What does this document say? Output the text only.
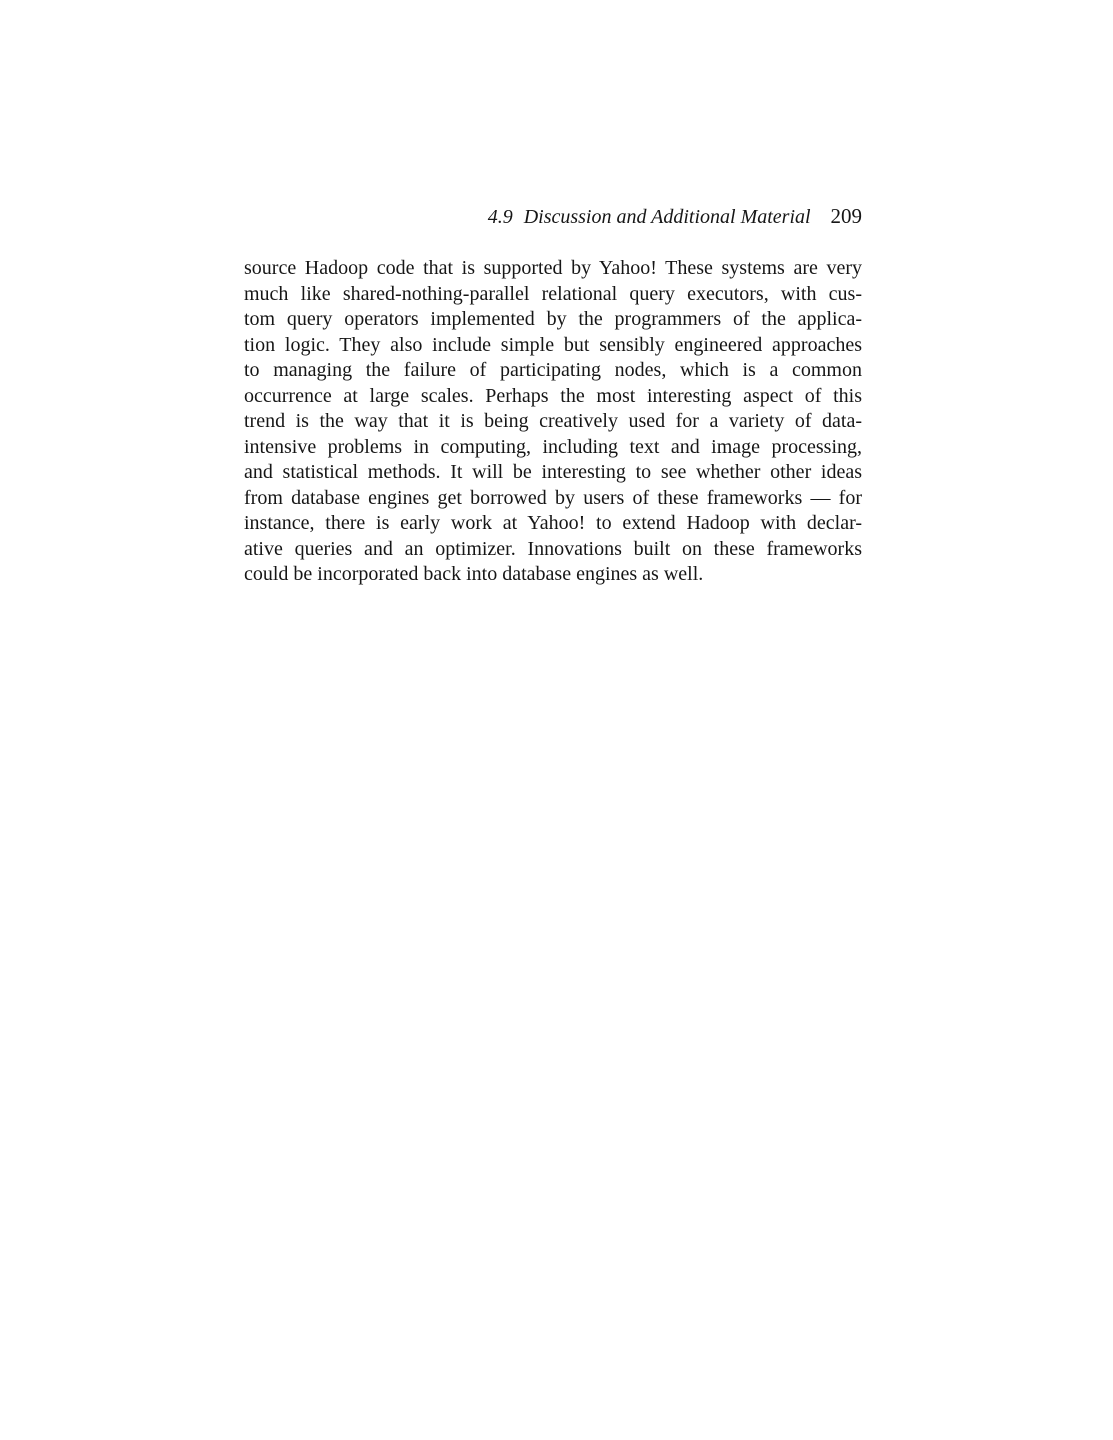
4.9 Discussion and Additional Material 209
source Hadoop code that is supported by Yahoo! These systems are very
much like shared-nothing-parallel relational query executors, with cus-
tom query operators implemented by the programmers of the applica-
tion logic. They also include simple but sensibly engineered approaches
to managing the failure of participating nodes, which is a common
occurrence at large scales. Perhaps the most interesting aspect of this
trend is the way that it is being creatively used for a variety of data-
intensive problems in computing, including text and image processing,
and statistical methods. It will be interesting to see whether other ideas
from database engines get borrowed by users of these frameworks — for
instance, there is early work at Yahoo! to extend Hadoop with declar-
ative queries and an optimizer. Innovations built on these frameworks
could be incorporated back into database engines as well.
